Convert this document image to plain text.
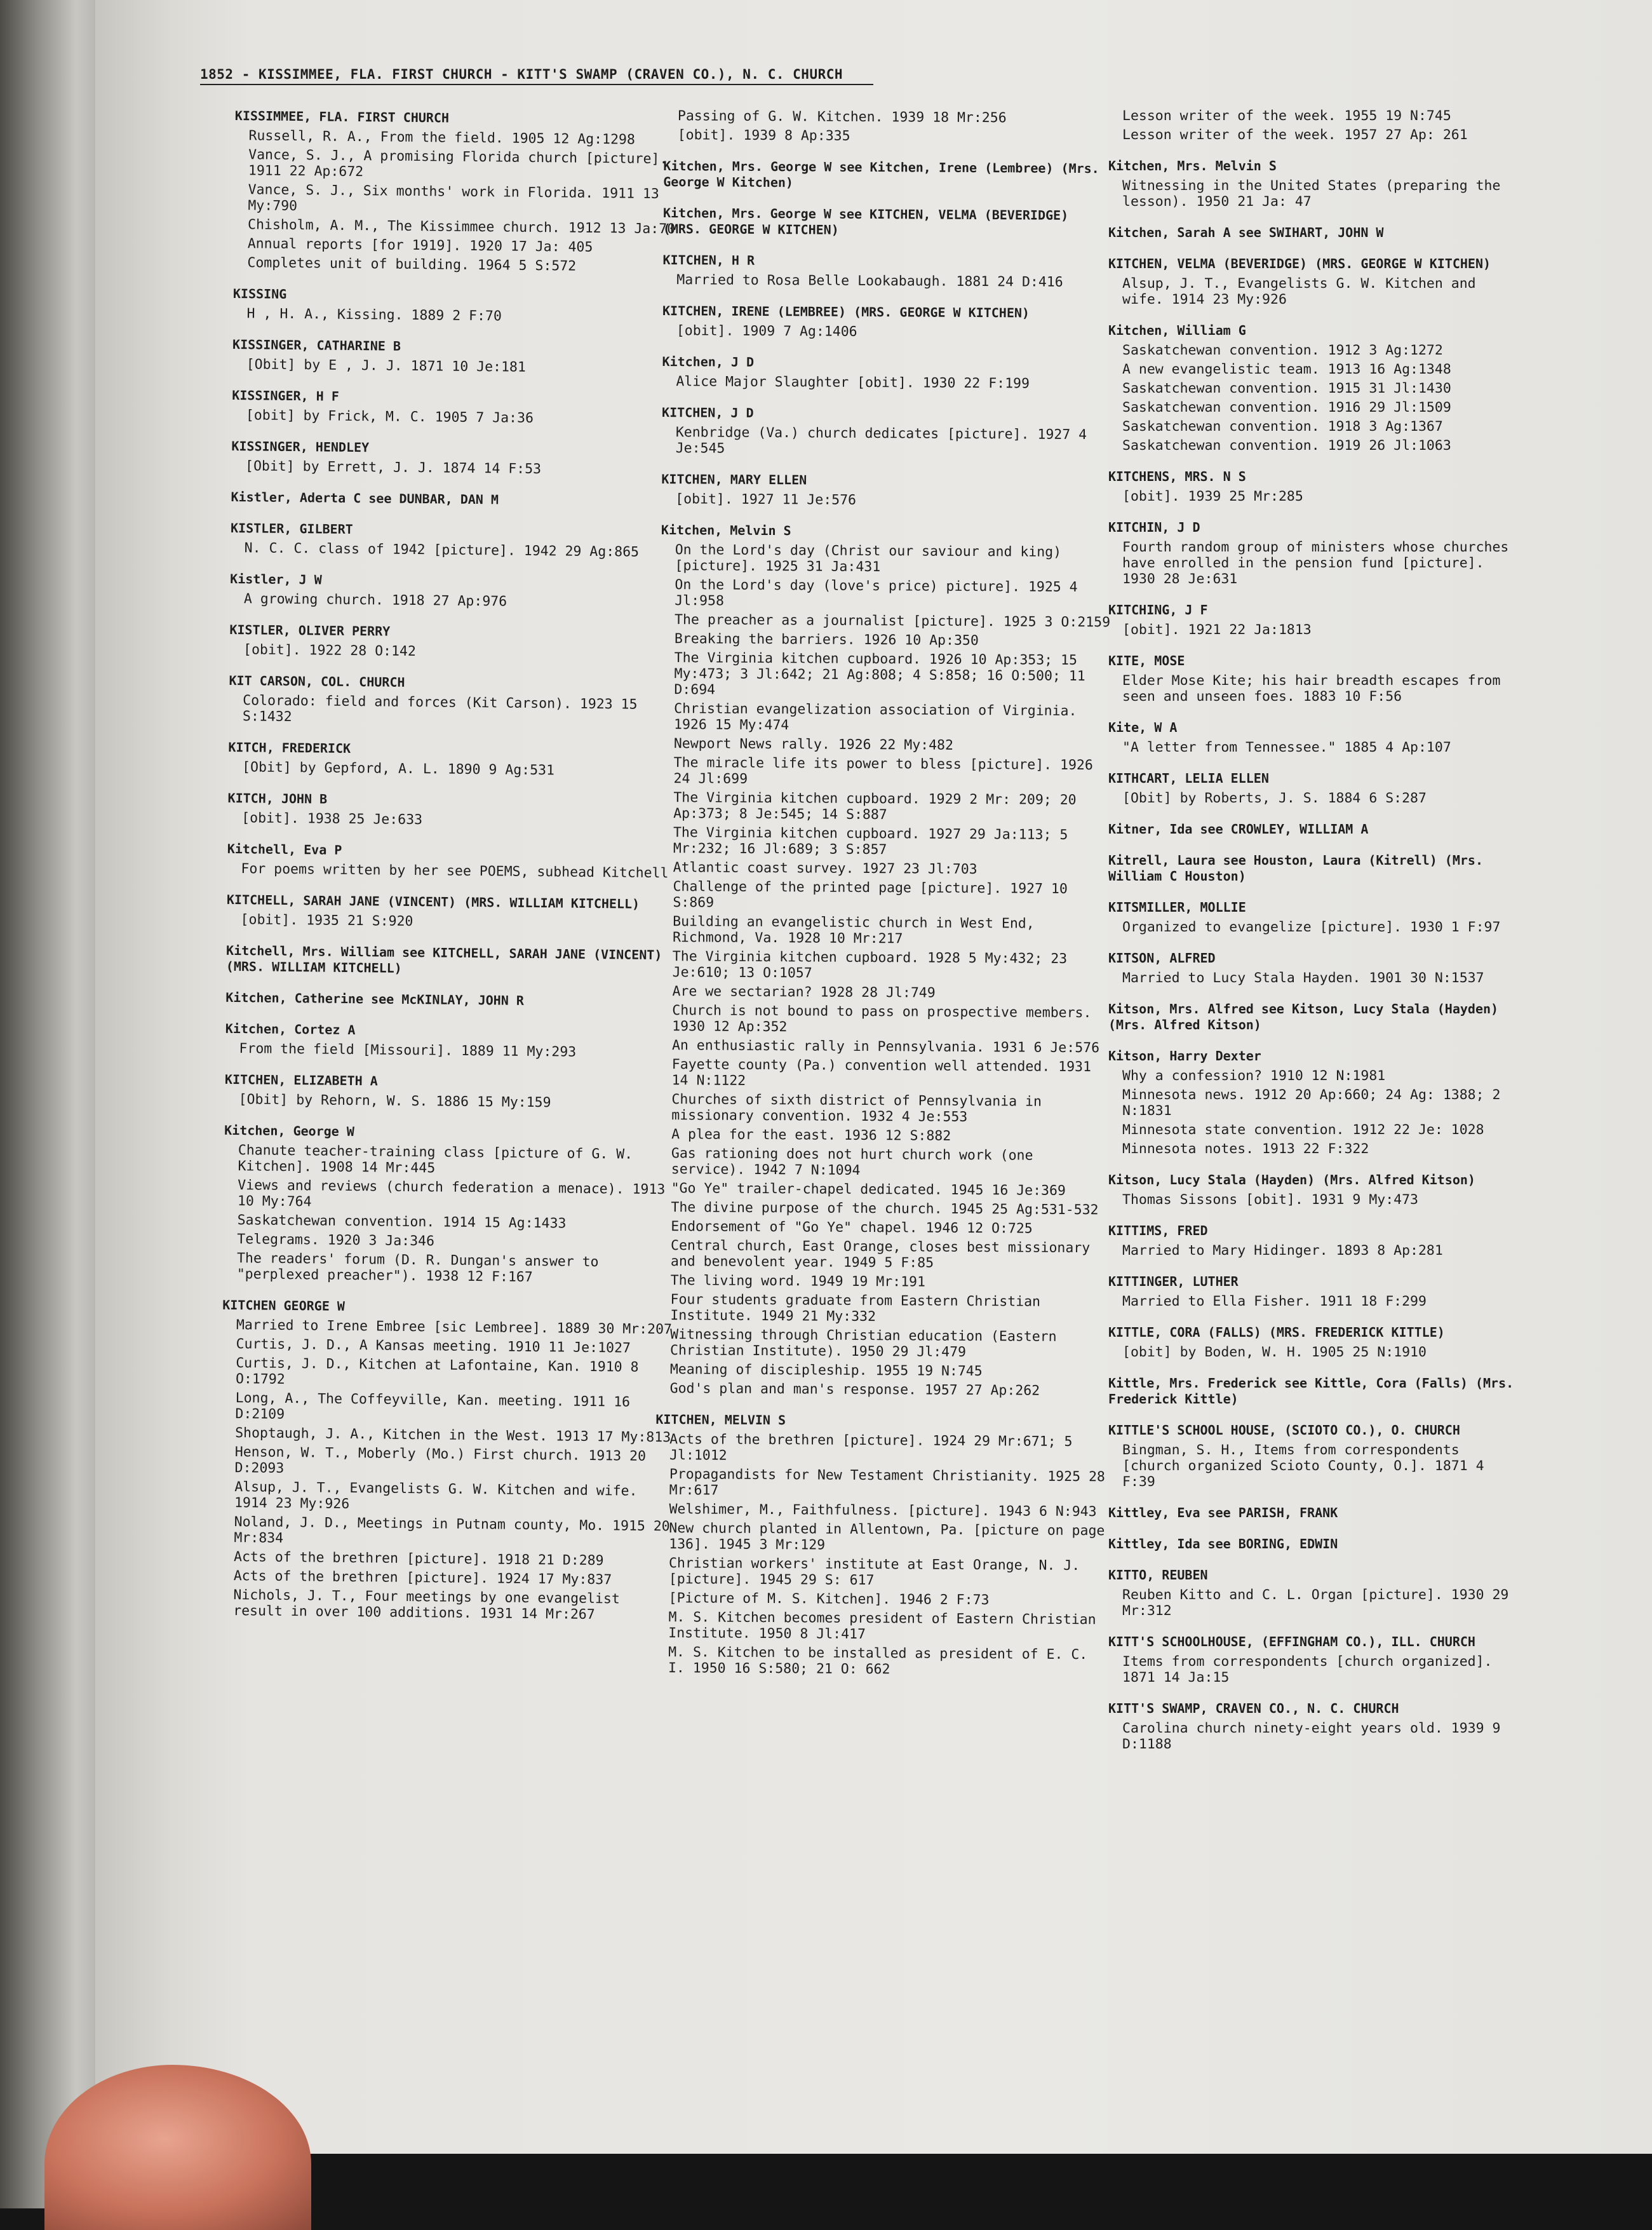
1852 - KISSIMMEE, FLA. FIRST CHURCH - KITT'S SWAMP (CRAVEN CO.), N. C. CHURCH
KISSIMMEE, FLA. FIRST CHURCH
Russell, R. A., From the field. 1905 12 Ag:1298
Vance, S. J., A promising Florida church [picture]. 1911 22 Ap:672
Vance, S. J., Six months' work in Florida. 1911 13 My:790
Chisholm, A. M., The Kissimmee church. 1912 13 Ja:70
Annual reports [for 1919]. 1920 17 Ja: 405
Completes unit of building. 1964 5 S:572
KISSING
H , H. A., Kissing. 1889 2 F:70
KISSINGER, CATHARINE B
[Obit] by E , J. J. 1871 10 Je:181
KISSINGER, H F
[obit] by Frick, M. C. 1905 7 Ja:36
KISSINGER, HENDLEY
[Obit] by Errett, J. J. 1874 14 F:53
Kistler, Aderta C see DUNBAR, DAN M
KISTLER, GILBERT
N. C. C. class of 1942 [picture]. 1942 29 Ag:865
Kistler, J W
A growing church. 1918 27 Ap:976
KISTLER, OLIVER PERRY
[obit]. 1922 28 O:142
KIT CARSON, COL. CHURCH
Colorado: field and forces (Kit Carson). 1923 15 S:1432
KITCH, FREDERICK
[Obit] by Gepford, A. L. 1890 9 Ag:531
KITCH, JOHN B
[obit]. 1938 25 Je:633
Kitchell, Eva P
For poems written by her see POEMS, subhead Kitchell
KITCHELL, SARAH JANE (VINCENT) (MRS. WILLIAM KITCHELL)
[obit]. 1935 21 S:920
Kitchell, Mrs. William see KITCHELL, SARAH JANE (VINCENT) (MRS. WILLIAM KITCHELL)
Kitchen, Catherine see McKINLAY, JOHN R
Kitchen, Cortez A
From the field [Missouri]. 1889 11 My:293
KITCHEN, ELIZABETH A
[Obit] by Rehorn, W. S. 1886 15 My:159
Kitchen, George W
Chanute teacher-training class [picture of G. W. Kitchen]. 1908 14 Mr:445
Views and reviews (church federation a menace). 1913 10 My:764
Saskatchewan convention. 1914 15 Ag:1433
Telegrams. 1920 3 Ja:346
The readers' forum (D. R. Dungan's answer to "perplexed preacher"). 1938 12 F:167
KITCHEN GEORGE W
Married to Irene Embree [sic Lembree]. 1889 30 Mr:207
Curtis, J. D., A Kansas meeting. 1910 11 Je:1027
Curtis, J. D., Kitchen at Lafontaine, Kan. 1910 8 O:1792
Long, A., The Coffeyville, Kan. meeting. 1911 16 D:2109
Shoptaugh, J. A., Kitchen in the West. 1913 17 My:813
Henson, W. T., Moberly (Mo.) First church. 1913 20 D:2093
Alsup, J. T., Evangelists G. W. Kitchen and wife. 1914 23 My:926
Noland, J. D., Meetings in Putnam county, Mo. 1915 20 Mr:834
Acts of the brethren [picture]. 1918 21 D:289
Acts of the brethren [picture]. 1924 17 My:837
Nichols, J. T., Four meetings by one evangelist result in over 100 additions. 1931 14 Mr:267
Passing of G. W. Kitchen. 1939 18 Mr:256
[obit]. 1939 8 Ap:335
Kitchen, Mrs. George W see Kitchen, Irene (Lembree) (Mrs. George W Kitchen)
Kitchen, Mrs. George W see KITCHEN, VELMA (BEVERIDGE) (MRS. GEORGE W KITCHEN)
KITCHEN, H R
Married to Rosa Belle Lookabaugh. 1881 24 D:416
KITCHEN, IRENE (LEMBREE) (MRS. GEORGE W KITCHEN)
[obit]. 1909 7 Ag:1406
Kitchen, J D
Alice Major Slaughter [obit]. 1930 22 F:199
KITCHEN, J D
Kenbridge (Va.) church dedicates [picture]. 1927 4 Je:545
KITCHEN, MARY ELLEN
[obit]. 1927 11 Je:576
Kitchen, Melvin S
On the Lord's day (Christ our saviour and king) [picture]. 1925 31 Ja:431
On the Lord's day (love's price) picture]. 1925 4 Jl:958
The preacher as a journalist [picture]. 1925 3 O:2159
Breaking the barriers. 1926 10 Ap:350
The Virginia kitchen cupboard. 1926 10 Ap:353; 15 My:473; 3 Jl:642; 21 Ag:808; 4 S:858; 16 O:500; 11 D:694
Christian evangelization association of Virginia. 1926 15 My:474
Newport News rally. 1926 22 My:482
The miracle life its power to bless [picture]. 1926 24 Jl:699
The Virginia kitchen cupboard. 1929 2 Mr: 209; 20 Ap:373; 8 Je:545; 14 S:887
The Virginia kitchen cupboard. 1927 29 Ja:113; 5 Mr:232; 16 Jl:689; 3 S:857
Atlantic coast survey. 1927 23 Jl:703
Challenge of the printed page [picture]. 1927 10 S:869
Building an evangelistic church in West End, Richmond, Va. 1928 10 Mr:217
The Virginia kitchen cupboard. 1928 5 My:432; 23 Je:610; 13 O:1057
Are we sectarian? 1928 28 Jl:749
Church is not bound to pass on prospective members. 1930 12 Ap:352
An enthusiastic rally in Pennsylvania. 1931 6 Je:576
Fayette county (Pa.) convention well attended. 1931 14 N:1122
Churches of sixth district of Pennsylvania in missionary convention. 1932 4 Je:553
A plea for the east. 1936 12 S:882
Gas rationing does not hurt church work (one service). 1942 7 N:1094
"Go Ye" trailer-chapel dedicated. 1945 16 Je:369
The divine purpose of the church. 1945 25 Ag:531-532
Endorsement of "Go Ye" chapel. 1946 12 O:725
Central church, East Orange, closes best missionary and benevolent year. 1949 5 F:85
The living word. 1949 19 Mr:191
Four students graduate from Eastern Christian Institute. 1949 21 My:332
Witnessing through Christian education (Eastern Christian Institute). 1950 29 Jl:479
Meaning of discipleship. 1955 19 N:745
God's plan and man's response. 1957 27 Ap:262
KITCHEN, MELVIN S
Acts of the brethren [picture]. 1924 29 Mr:671; 5 Jl:1012
Propagandists for New Testament Christianity. 1925 28 Mr:617
Welshimer, M., Faithfulness. [picture]. 1943 6 N:943
New church planted in Allentown, Pa. [picture on page 136]. 1945 3 Mr:129
Christian workers' institute at East Orange, N. J. [picture]. 1945 29 S: 617
[Picture of M. S. Kitchen]. 1946 2 F:73
M. S. Kitchen becomes president of Eastern Christian Institute. 1950 8 Jl:417
M. S. Kitchen to be installed as president of E. C. I. 1950 16 S:580; 21 O: 662
Lesson writer of the week. 1955 19 N:745
Lesson writer of the week. 1957 27 Ap: 261
Kitchen, Mrs. Melvin S
Witnessing in the United States (preparing the lesson). 1950 21 Ja: 47
Kitchen, Sarah A see SWIHART, JOHN W
KITCHEN, VELMA (BEVERIDGE) (MRS. GEORGE W KITCHEN)
Alsup, J. T., Evangelists G. W. Kitchen and wife. 1914 23 My:926
Kitchen, William G
Saskatchewan convention. 1912 3 Ag:1272
A new evangelistic team. 1913 16 Ag:1348
Saskatchewan convention. 1915 31 Jl:1430
Saskatchewan convention. 1916 29 Jl:1509
Saskatchewan convention. 1918 3 Ag:1367
Saskatchewan convention. 1919 26 Jl:1063
KITCHENS, MRS. N S
[obit]. 1939 25 Mr:285
KITCHIN, J D
Fourth random group of ministers whose churches have enrolled in the pension fund [picture]. 1930 28 Je:631
KITCHING, J F
[obit]. 1921 22 Ja:1813
KITE, MOSE
Elder Mose Kite; his hair breadth escapes from seen and unseen foes. 1883 10 F:56
Kite, W A
"A letter from Tennessee." 1885 4 Ap:107
KITHCART, LELIA ELLEN
[Obit] by Roberts, J. S. 1884 6 S:287
Kitner, Ida see CROWLEY, WILLIAM A
Kitrell, Laura see Houston, Laura (Kitrell) (Mrs. William C Houston)
KITSMILLER, MOLLIE
Organized to evangelize [picture]. 1930 1 F:97
KITSON, ALFRED
Married to Lucy Stala Hayden. 1901 30 N:1537
Kitson, Mrs. Alfred see Kitson, Lucy Stala (Hayden) (Mrs. Alfred Kitson)
Kitson, Harry Dexter
Why a confession? 1910 12 N:1981
Minnesota news. 1912 20 Ap:660; 24 Ag: 1388; 2 N:1831
Minnesota state convention. 1912 22 Je: 1028
Minnesota notes. 1913 22 F:322
Kitson, Lucy Stala (Hayden) (Mrs. Alfred Kitson)
Thomas Sissons [obit]. 1931 9 My:473
KITTIMS, FRED
Married to Mary Hidinger. 1893 8 Ap:281
KITTINGER, LUTHER
Married to Ella Fisher. 1911 18 F:299
KITTLE, CORA (FALLS) (MRS. FREDERICK KITTLE)
[obit] by Boden, W. H. 1905 25 N:1910
Kittle, Mrs. Frederick see Kittle, Cora (Falls) (Mrs. Frederick Kittle)
KITTLE'S SCHOOL HOUSE, (SCIOTO CO.), O. CHURCH
Bingman, S. H., Items from correspondents [church organized Scioto County, O.]. 1871 4 F:39
Kittley, Eva see PARISH, FRANK
Kittley, Ida see BORING, EDWIN
KITTO, REUBEN
Reuben Kitto and C. L. Organ [picture]. 1930 29 Mr:312
KITT'S SCHOOLHOUSE, (EFFINGHAM CO.), ILL. CHURCH
Items from correspondents [church organized]. 1871 14 Ja:15
KITT'S SWAMP, CRAVEN CO., N. C. CHURCH
Carolina church ninety-eight years old. 1939 9 D:1188
